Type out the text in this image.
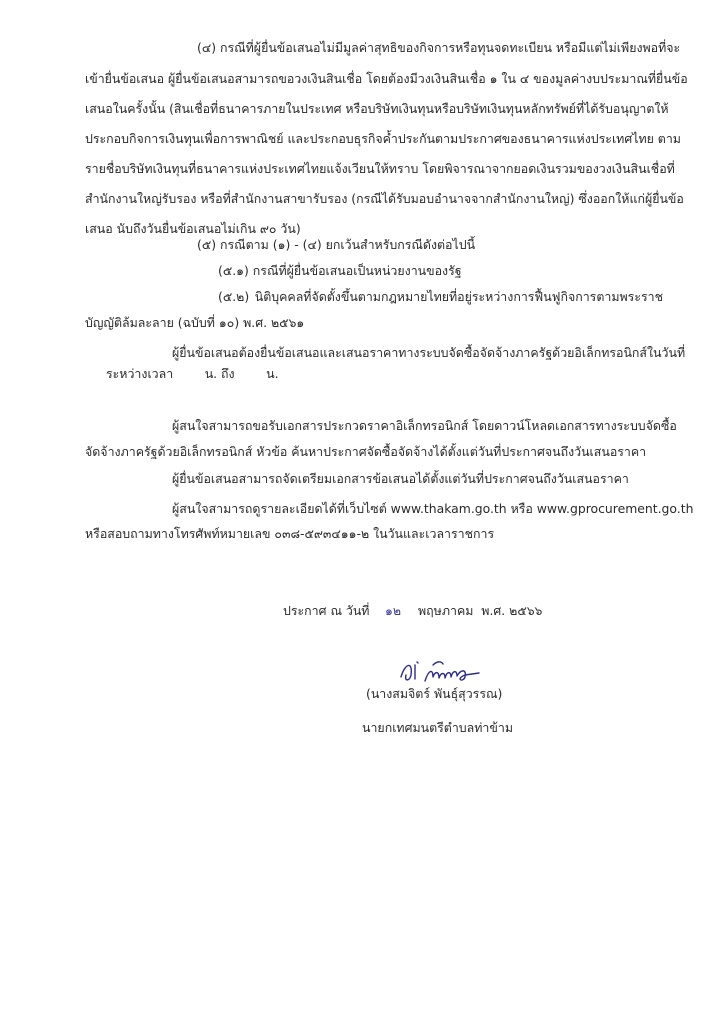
(๔) กรณีที่ผู้ยื่นข้อเสนอไม่มีมูลค่าสุทธิของกิจการหรือทุนจดทะเบียน หรือมีแต่ไม่เพียงพอที่จะ
เข้ายื่นข้อเสนอ ผู้ยื่นข้อเสนอสามารถขอวงเงินสินเชื่อ โดยต้องมีวงเงินสินเชื่อ ๑ ใน ๔ ของมูลค่างบประมาณที่ยื่นข้อ
เสนอในครั้งนั้น (สินเชื่อที่ธนาคารภายในประเทศ หรือบริษัทเงินทุนหรือบริษัทเงินทุนหลักทรัพย์ที่ได้รับอนุญาตให้
ประกอบกิจการเงินทุนเพื่อการพาณิชย์ และประกอบธุรกิจค้ำประกันตามประกาศของธนาคารแห่งประเทศไทย ตาม
รายชื่อบริษัทเงินทุนที่ธนาคารแห่งประเทศไทยแจ้งเวียนให้ทราบ โดยพิจารณาจากยอดเงินรวมของวงเงินสินเชื่อที่
สำนักงานใหญ่รับรอง หรือที่สำนักงานสาขารับรอง (กรณีได้รับมอบอำนาจจากสำนักงานใหญ่) ซึ่งออกให้แก่ผู้ยื่นข้อ
เสนอ นับถึงวันยื่นข้อเสนอไม่เกิน ๙๐ วัน)
(๕) กรณีตาม (๑) - (๔) ยกเว้นสำหรับกรณีดังต่อไปนี้
(๕.๑) กรณีที่ผู้ยื่นข้อเสนอเป็นหน่วยงานของรัฐ
(๕.๒) นิติบุคคลที่จัดตั้งขึ้นตามกฎหมายไทยที่อยู่ระหว่างการฟื้นฟูกิจการตามพระราช
บัญญัติล้มละลาย (ฉบับที่ ๑๐) พ.ศ. ๒๕๖๑
ผู้ยื่นข้อเสนอต้องยื่นข้อเสนอและเสนอราคาทางระบบจัดซื้อจัดจ้างภาครัฐด้วยอิเล็กทรอนิกส์ในวันที่
ระหว่างเวลา        น. ถึง        น.
ผู้สนใจสามารถขอรับเอกสารประกวดราคาอิเล็กทรอนิกส์ โดยดาวน์โหลดเอกสารทางระบบจัดซื้อ
จัดจ้างภาครัฐด้วยอิเล็กทรอนิกส์ หัวข้อ ค้นหาประกาศจัดซื้อจัดจ้างได้ตั้งแต่วันที่ประกาศจนถึงวันเสนอราคา
ผู้ยื่นข้อเสนอสามารถจัดเตรียมเอกสารข้อเสนอได้ตั้งแต่วันที่ประกาศจนถึงวันเสนอราคา
ผู้สนใจสามารถดูรายละเอียดได้ที่เว็บไซต์ www.thakam.go.th หรือ www.gprocurement.go.th
หรือสอบถามทางโทรศัพท์หมายเลข ๐๓๘-๕๙๓๔๑๑-๒ ในวันและเวลาราชการ
ประกาศ ณ วันที่ ๑๒ พฤษภาคม  พ.ศ. ๒๕๖๖
(นางสมจิตร์ พันธุ์สุวรรณ)
นายกเทศมนตรีตำบลท่าข้าม
